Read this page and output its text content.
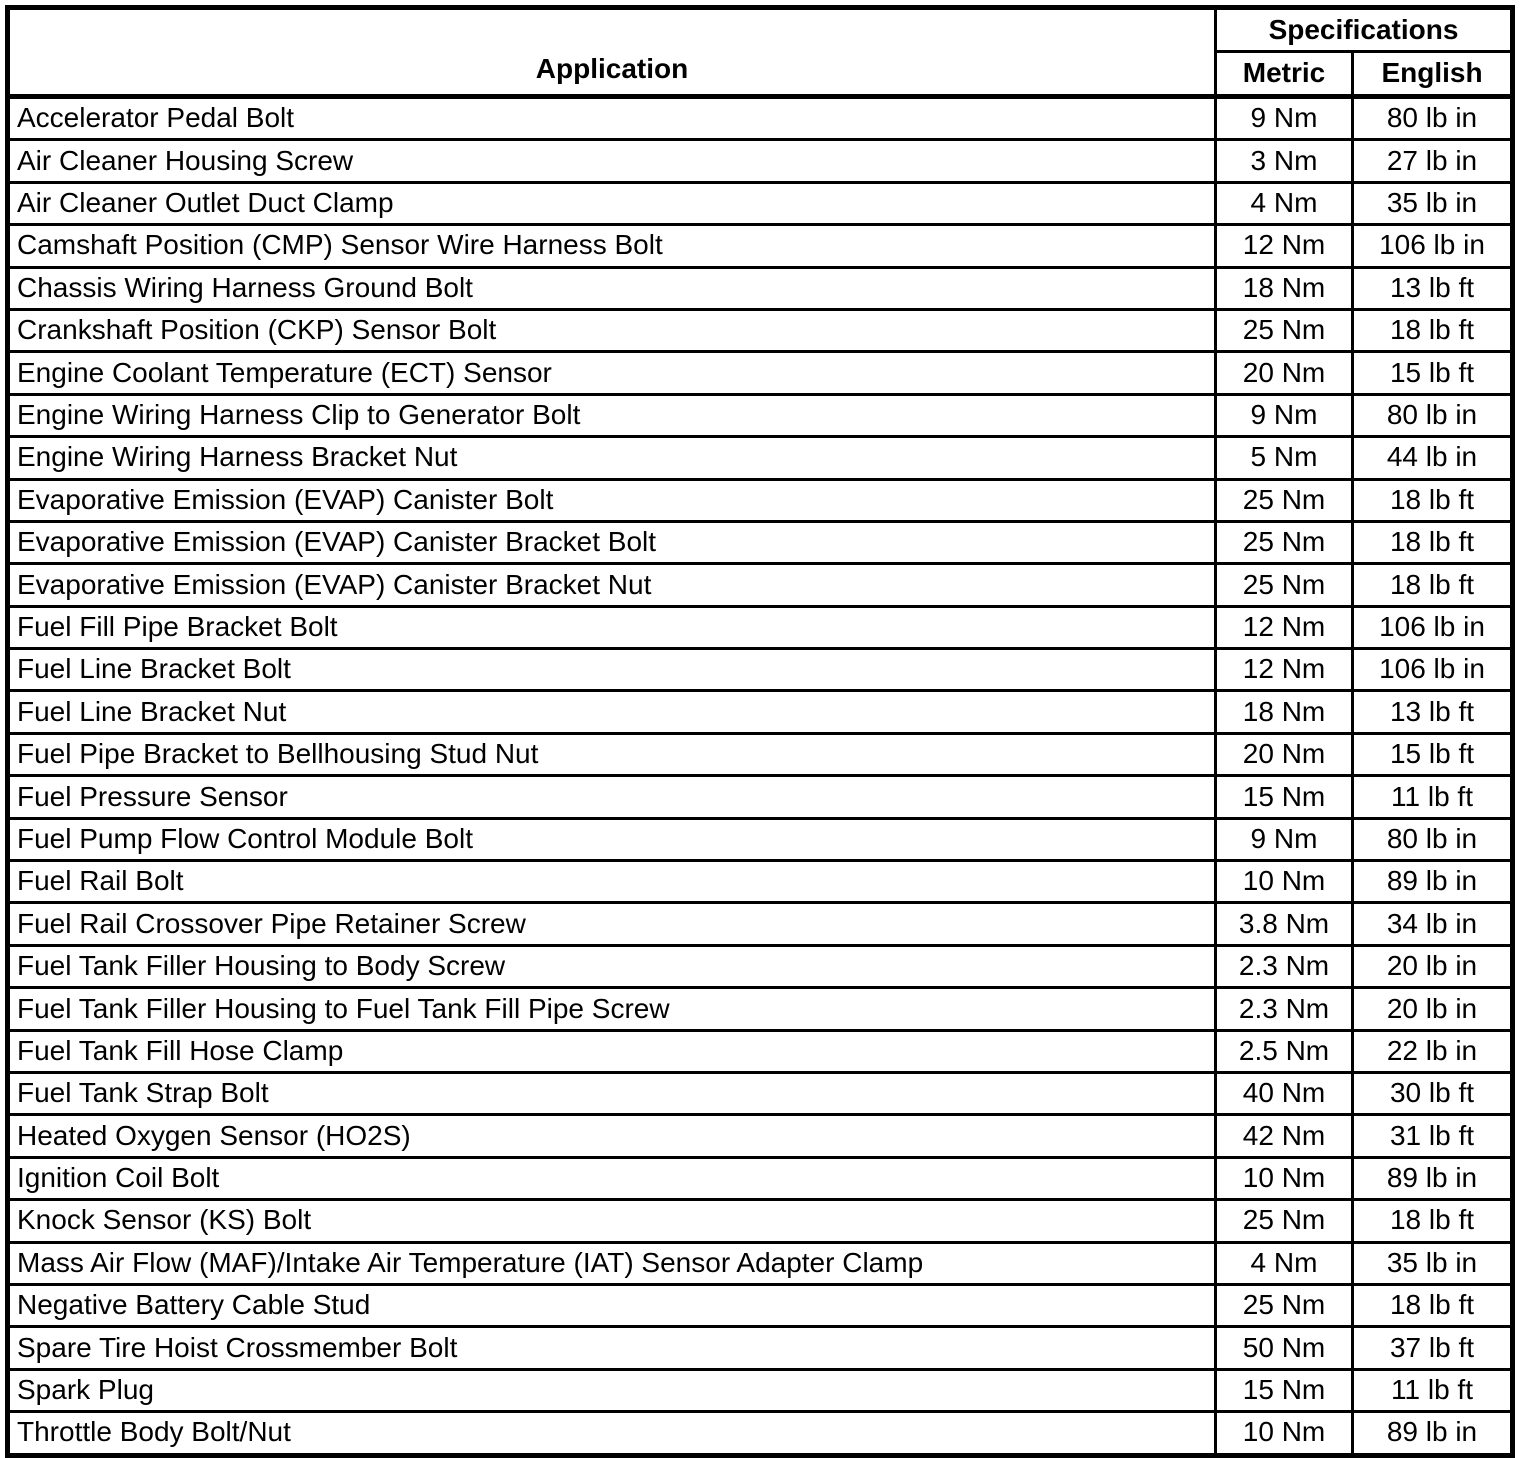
Application	Specifications	
	Metric	English
Accelerator Pedal Bolt	9 Nm	80 lb in
Air Cleaner Housing Screw	3 Nm	27 lb in
Air Cleaner Outlet Duct Clamp	4 Nm	35 lb in
Camshaft Position (CMP) Sensor Wire Harness Bolt	12 Nm	106 lb in
Chassis Wiring Harness Ground Bolt	18 Nm	13 lb ft
Crankshaft Position (CKP) Sensor Bolt	25 Nm	18 lb ft
Engine Coolant Temperature (ECT) Sensor	20 Nm	15 lb ft
Engine Wiring Harness Clip to Generator Bolt	9 Nm	80 lb in
Engine Wiring Harness Bracket Nut	5 Nm	44 lb in
Evaporative Emission (EVAP) Canister Bolt	25 Nm	18 lb ft
Evaporative Emission (EVAP) Canister Bracket Bolt	25 Nm	18 lb ft
Evaporative Emission (EVAP) Canister Bracket Nut	25 Nm	18 lb ft
Fuel Fill Pipe Bracket Bolt	12 Nm	106 lb in
Fuel Line Bracket Bolt	12 Nm	106 lb in
Fuel Line Bracket Nut	18 Nm	13 lb ft
Fuel Pipe Bracket to Bellhousing Stud Nut	20 Nm	15 lb ft
Fuel Pressure Sensor	15 Nm	11 lb ft
Fuel Pump Flow Control Module Bolt	9 Nm	80 lb in
Fuel Rail Bolt	10 Nm	89 lb in
Fuel Rail Crossover Pipe Retainer Screw	3.8 Nm	34 lb in
Fuel Tank Filler Housing to Body Screw	2.3 Nm	20 lb in
Fuel Tank Filler Housing to Fuel Tank Fill Pipe Screw	2.3 Nm	20 lb in
Fuel Tank Fill Hose Clamp	2.5 Nm	22 lb in
Fuel Tank Strap Bolt	40 Nm	30 lb ft
Heated Oxygen Sensor (HO2S)	42 Nm	31 lb ft
Ignition Coil Bolt	10 Nm	89 lb in
Knock Sensor (KS) Bolt	25 Nm	18 lb ft
Mass Air Flow (MAF)/Intake Air Temperature (IAT) Sensor Adapter Clamp	4 Nm	35 lb in
Negative Battery Cable Stud	25 Nm	18 lb ft
Spare Tire Hoist Crossmember Bolt	50 Nm	37 lb ft
Spark Plug	15 Nm	11 lb ft
Throttle Body Bolt/Nut	10 Nm	89 lb in
